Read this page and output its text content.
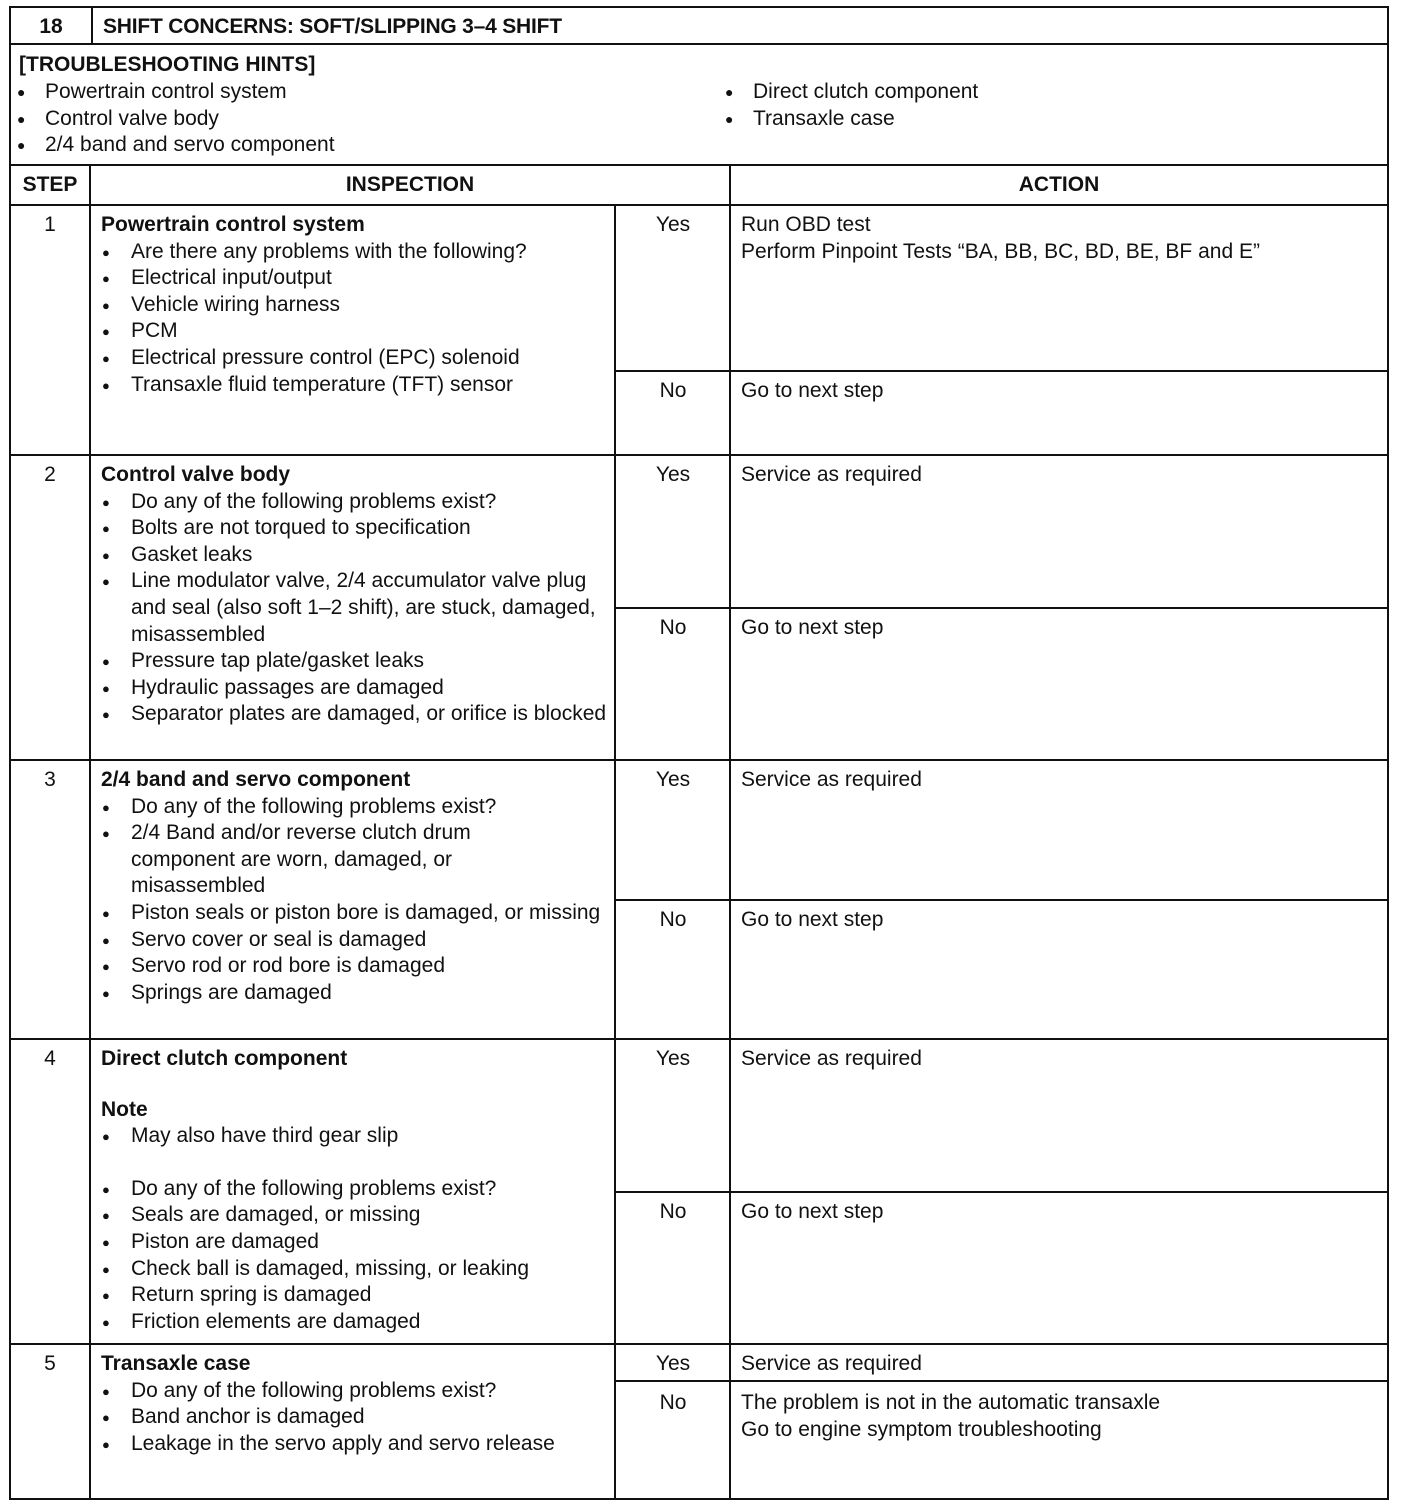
18	SHIFT CONCERNS: SOFT/SLIPPING 3–4 SHIFT
[TROUBLESHOOTING HINTS]
● Powertrain control system
● Control valve body
● 2/4 band and servo component
● Direct clutch component
● Transaxle case
STEP	INSPECTION	ACTION
1	Powertrain control system
● Are there any problems with the following?
● Electrical input/output
● Vehicle wiring harness
● PCM
● Electrical pressure control (EPC) solenoid
● Transaxle fluid temperature (TFT) sensor
Yes	Run OBD test
Perform Pinpoint Tests “BA, BB, BC, BD, BE, BF and E”
No	Go to next step
2	Control valve body
● Do any of the following problems exist?
● Bolts are not torqued to specification
● Gasket leaks
● Line modulator valve, 2/4 accumulator valve plug and seal (also soft 1–2 shift), are stuck, damaged, misassembled
● Pressure tap plate/gasket leaks
● Hydraulic passages are damaged
● Separator plates are damaged, or orifice is blocked
Yes	Service as required
No	Go to next step
3	2/4 band and servo component
● Do any of the following problems exist?
● 2/4 Band and/or reverse clutch drum component are worn, damaged, or misassembled
● Piston seals or piston bore is damaged, or missing
● Servo cover or seal is damaged
● Servo rod or rod bore is damaged
● Springs are damaged
Yes	Service as required
No	Go to next step
4	Direct clutch component
Note
● May also have third gear slip
● Do any of the following problems exist?
● Seals are damaged, or missing
● Piston are damaged
● Check ball is damaged, missing, or leaking
● Return spring is damaged
● Friction elements are damaged
Yes	Service as required
No	Go to next step
5	Transaxle case
● Do any of the following problems exist?
● Band anchor is damaged
● Leakage in the servo apply and servo release
Yes	Service as required
No	The problem is not in the automatic transaxle
Go to engine symptom troubleshooting
